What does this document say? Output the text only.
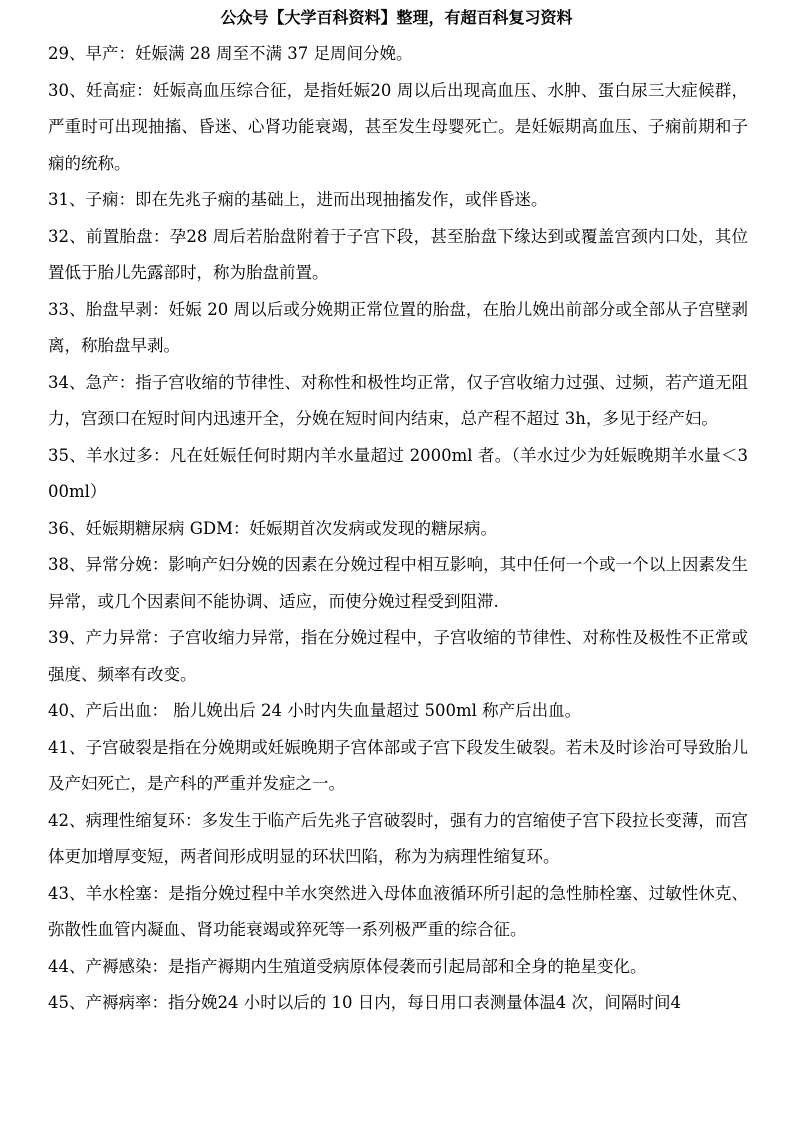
公众号【大学百科资料】整理，有超百科复习资料

29、早产：妊娠满 28 周至不满 37 足周间分娩。

30、妊高症：妊娠高血压综合征，是指妊娠20 周以后出现高血压、水肿、蛋白尿三大症候群，严重时可出现抽搐、昏迷、心肾功能衰竭，甚至发生母婴死亡。是妊娠期高血压、子痫前期和子痫的统称。

31、子痫：即在先兆子痫的基础上，进而出现抽搐发作，或伴昏迷。

32、前置胎盘：孕28 周后若胎盘附着于子宫下段，甚至胎盘下缘达到或覆盖宫颈内口处，其位置低于胎儿先露部时，称为胎盘前置。

33、胎盘早剥：妊娠 20 周以后或分娩期正常位置的胎盘，在胎儿娩出前部分或全部从子宫壁剥离，称胎盘早剥。

34、急产：指子宫收缩的节律性、对称性和极性均正常，仅子宫收缩力过强、过频，若产道无阻力，宫颈口在短时间内迅速开全，分娩在短时间内结束，总产程不超过 3h，多见于经产妇。

35、羊水过多：凡在妊娠任何时期内羊水量超过 2000ml 者。（羊水过少为妊娠晚期羊水量＜300ml）

36、妊娠期糖尿病 GDM：妊娠期首次发病或发现的糖尿病。

38、异常分娩：影响产妇分娩的因素在分娩过程中相互影响，其中任何一个或一个以上因素发生异常，或几个因素间不能协调、适应，而使分娩过程受到阻滞.

39、产力异常：子宫收缩力异常，指在分娩过程中，子宫收缩的节律性、对称性及极性不正常或强度、频率有改变。

40、产后出血： 胎儿娩出后 24 小时内失血量超过 500ml 称产后出血。

41、子宫破裂是指在分娩期或妊娠晚期子宫体部或子宫下段发生破裂。若未及时诊治可导致胎儿及产妇死亡，是产科的严重并发症之一。

42、病理性缩复环：多发生于临产后先兆子宫破裂时，强有力的宫缩使子宫下段拉长变薄，而宫体更加增厚变短，两者间形成明显的环状凹陷，称为为病理性缩复环。

43、羊水栓塞：是指分娩过程中羊水突然进入母体血液循环所引起的急性肺栓塞、过敏性休克、弥散性血管内凝血、肾功能衰竭或猝死等一系列极严重的综合征。

44、产褥感染：是指产褥期内生殖道受病原体侵袭而引起局部和全身的艳星变化。

45、产褥病率：指分娩24 小时以后的 10 日内，每日用口表测量体温4 次，间隔时间4
